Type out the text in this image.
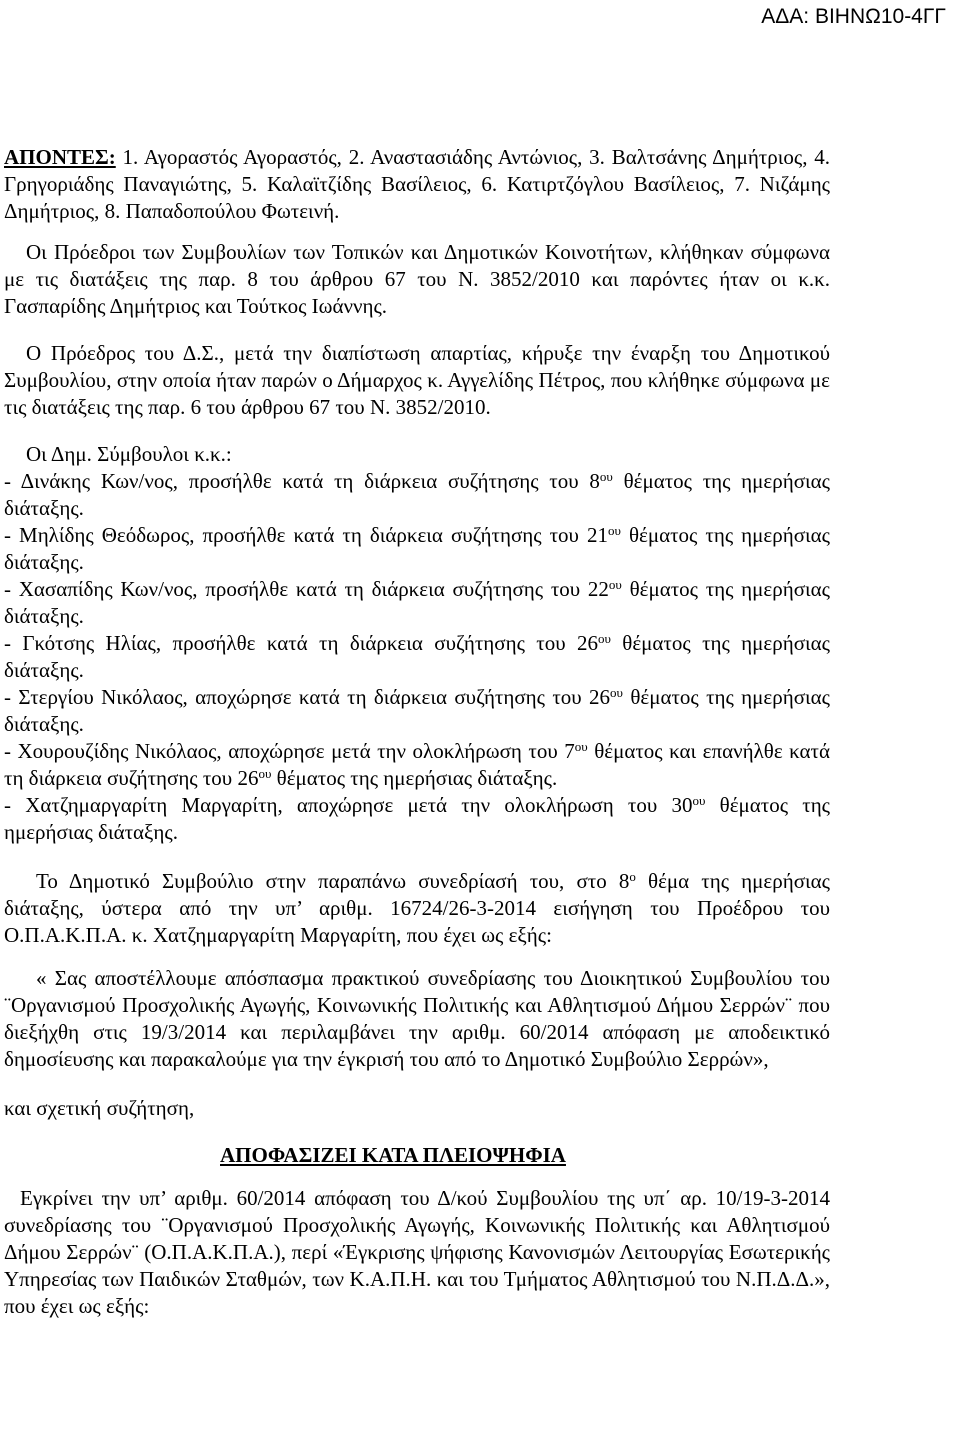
ΑΔΑ: ΒΙΗΝΩ10-4ΓΓ

ΑΠΟΝΤΕΣ: 1. Αγοραστός Αγοραστός, 2. Αναστασιάδης Αντώνιος, 3. Βαλτσάνης Δημήτριος, 4. Γρηγοριάδης Παναγιώτης, 5. Καλαϊτζίδης Βασίλειος, 6. Κατιρτζόγλου Βασίλειος, 7. Νιζάμης Δημήτριος, 8. Παπαδοπούλου Φωτεινή.

Οι Πρόεδροι των Συμβουλίων των Τοπικών και Δημοτικών Κοινοτήτων, κλήθηκαν σύμφωνα με τις διατάξεις της παρ. 8 του άρθρου 67 του Ν. 3852/2010 και παρόντες ήταν οι κ.κ. Γασπαρίδης Δημήτριος και Τούτκος Ιωάννης.

Ο Πρόεδρος του Δ.Σ., μετά την διαπίστωση απαρτίας, κήρυξε την έναρξη του Δημοτικού Συμβουλίου, στην οποία ήταν παρών ο Δήμαρχος κ. Αγγελίδης Πέτρος, που κλήθηκε σύμφωνα με τις διατάξεις της παρ. 6 του άρθρου 67 του Ν. 3852/2010.

Οι Δημ. Σύμβουλοι κ.κ.:

- Δινάκης Κων/νος, προσήλθε κατά τη διάρκεια συζήτησης του $8^{o\upsilon}$ θέματος της ημερήσιας διάταξης.

- Μηλίδης Θεόδωρος, προσήλθε κατά τη διάρκεια συζήτησης του $21^{o\upsilon}$ θέματος της ημερήσιας διάταξης.

- Χασαπίδης Κων/νος, προσήλθε κατά τη διάρκεια συζήτησης του $22^{o\upsilon}$ θέματος της ημερήσιας διάταξης.

- Γκότσης Ηλίας, προσήλθε κατά τη διάρκεια συζήτησης του $26^{o\upsilon}$ θέματος της ημερήσιας διάταξης.

- Στεργίου Νικόλαος, αποχώρησε κατά τη διάρκεια συζήτησης του $26^{o\upsilon}$ θέματος της ημερήσιας διάταξης.

- Χουρουζίδης Νικόλαος, αποχώρησε μετά την ολοκλήρωση του $7^{o\upsilon}$ θέματος και επανήλθε κατά τη διάρκεια συζήτησης του $26^{o\upsilon}$ θέματος της ημερήσιας διάταξης.

- Χατζημαργαρίτη Μαργαρίτη, αποχώρησε μετά την ολοκλήρωση του $30^{o\upsilon}$ θέματος της ημερήσιας διάταξης.

Το Δημοτικό Συμβούλιο στην παραπάνω συνεδρίασή του, στο $8^o$ θέμα της ημερήσιας διάταξης, ύστερα από την υπ’ αριθμ. 16724/26-3-2014 εισήγηση του Προέδρου του Ο.Π.Α.Κ.Π.Α. κ. Χατζημαργαρίτη Μαργαρίτη, που έχει ως εξής:

« Σας αποστέλλουμε απόσπασμα πρακτικού συνεδρίασης του Διοικητικού Συμβουλίου του ¨Οργανισμού Προσχολικής Αγωγής, Κοινωνικής Πολιτικής και Αθλητισμού Δήμου Σερρών¨ που διεξήχθη στις 19/3/2014 και περιλαμβάνει την αριθμ. 60/2014 απόφαση με αποδεικτικό δημοσίευσης και παρακαλούμε για την έγκρισή του από το Δημοτικό Συμβούλιο Σερρών»,

και σχετική συζήτηση,

ΑΠΟΦΑΣΙΖΕΙ ΚΑΤΑ ΠΛΕΙΟΨΗΦΙΑ

Εγκρίνει την υπ’ αριθμ. 60/2014 απόφαση του Δ/κού Συμβουλίου της υπ΄ αρ. 10/19-3-2014 συνεδρίασης του ¨Οργανισμού Προσχολικής Αγωγής, Κοινωνικής Πολιτικής και Αθλητισμού Δήμου Σερρών¨ (Ο.Π.Α.Κ.Π.Α.), περί «Έγκρισης ψήφισης Κανονισμών Λειτουργίας Εσωτερικής Υπηρεσίας των Παιδικών Σταθμών, των Κ.Α.Π.Η. και του Τμήματος Αθλητισμού του Ν.Π.Δ.Δ.», που έχει ως εξής:
